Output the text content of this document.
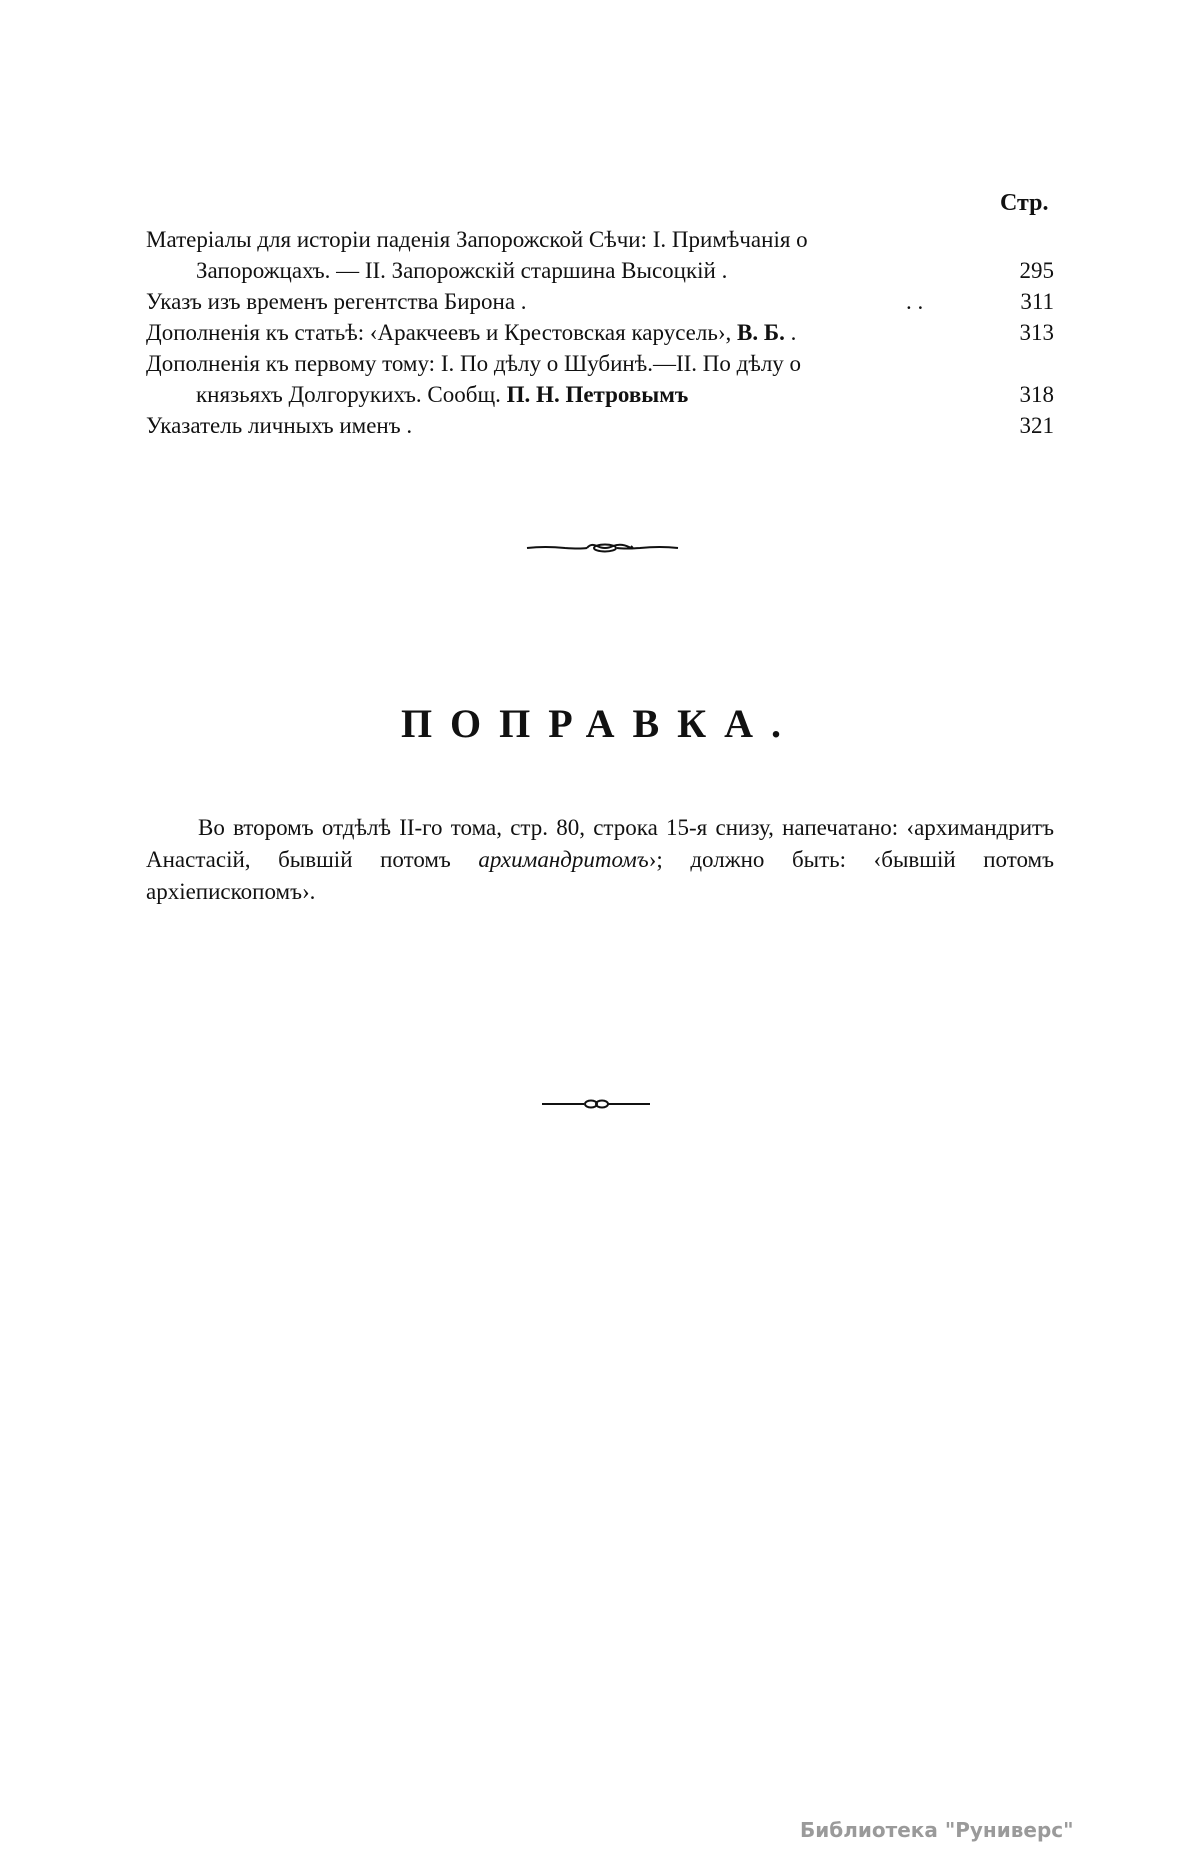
Стр.
Матеріалы для исторіи паденія Запорожской Сѣчи: I. Примѣчанія о
Запорожцахъ. — II. Запорожскій старшина Высоцкій .	295
Указъ изъ временъ регентства Бирона .	. .	311
Дополненія къ статьѣ: ‹Аракчеевъ и Крестовская карусель›, В. Б. .	313
Дополненія къ первому тому: I. По дѣлу о Шубинѣ.—II. По дѣлу о
князьяхъ Долгорукихъ. Сообщ. П. Н. Петровымъ	318
Указатель личныхъ именъ .	321
ПОПРАВКА.

Во второмъ отдѣлѣ II-го тома, стр. 80, строка 15-я снизу, напечатано: ‹архимандритъ Анастасій, бывшій потомъ архимандритомъ›; должно быть: ‹бывшій потомъ архіепископомъ›.

Библиотека "Руниверс"
